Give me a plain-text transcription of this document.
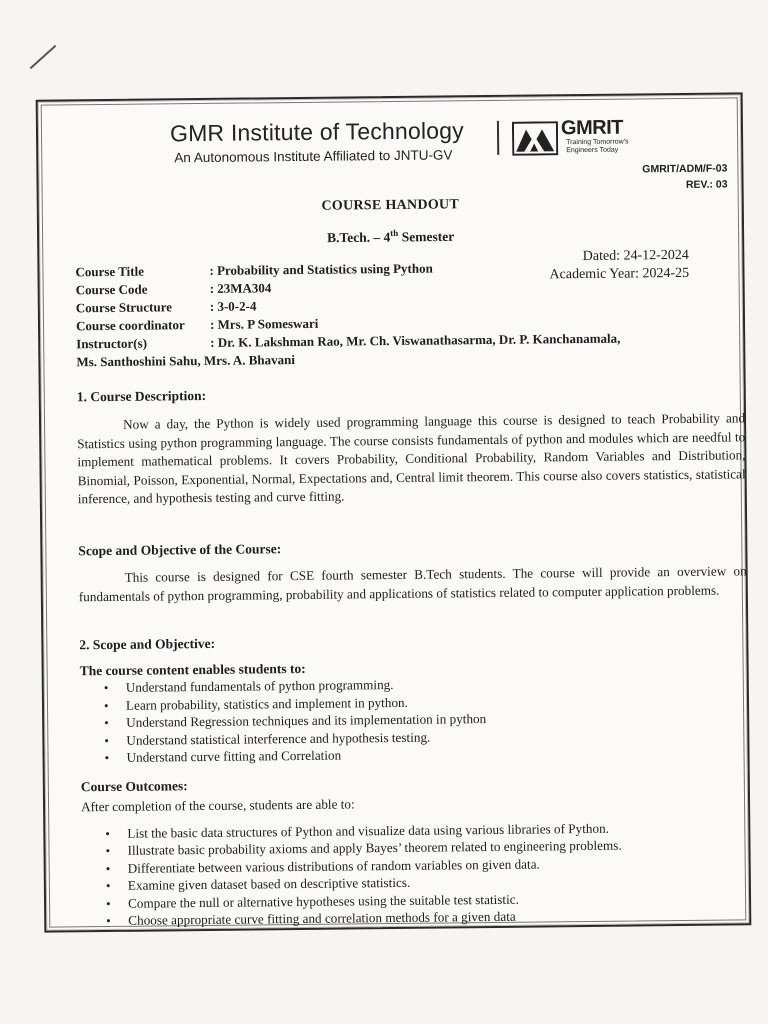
GMR Institute of Technology
An Autonomous Institute Affiliated to JNTU-GV
GMRIT
Training Tomorrow's Engineers Today
GMRIT/ADM/F-03
REV.: 03
COURSE HANDOUT
B.Tech. – 4th Semester
Dated: 24-12-2024
Academic Year: 2024-25
Course Title	: Probability and Statistics using Python
Course Code	: 23MA304
Course Structure	: 3-0-2-4
Course coordinator	: Mrs. P Someswari
Instructor(s)	: Dr. K. Lakshman Rao, Mr. Ch. Viswanathasarma, Dr. P. Kanchanamala,
Ms. Santhoshini Sahu, Mrs. A. Bhavani
1. Course Description:
Now a day, the Python is widely used programming language this course is designed to teach Probability and Statistics using python programming language. The course consists fundamentals of python and modules which are needful to implement mathematical problems. It covers Probability, Conditional Probability, Random Variables and Distribution, Binomial, Poisson, Exponential, Normal, Expectations and, Central limit theorem. This course also covers statistics, statistical inference, and hypothesis testing and curve fitting.
Scope and Objective of the Course:
This course is designed for CSE fourth semester B.Tech students. The course will provide an overview on fundamentals of python programming, probability and applications of statistics related to computer application problems.
2. Scope and Objective:
The course content enables students to:
• Understand fundamentals of python programming.
• Learn probability, statistics and implement in python.
• Understand Regression techniques and its implementation in python
• Understand statistical interference and hypothesis testing.
• Understand curve fitting and Correlation
Course Outcomes:
After completion of the course, students are able to:
• List the basic data structures of Python and visualize data using various libraries of Python.
• Illustrate basic probability axioms and apply Bayes’ theorem related to engineering problems.
• Differentiate between various distributions of random variables on given data.
• Examine given dataset based on descriptive statistics.
• Compare the null or alternative hypotheses using the suitable test statistic.
• Choose appropriate curve fitting and correlation methods for a given data
